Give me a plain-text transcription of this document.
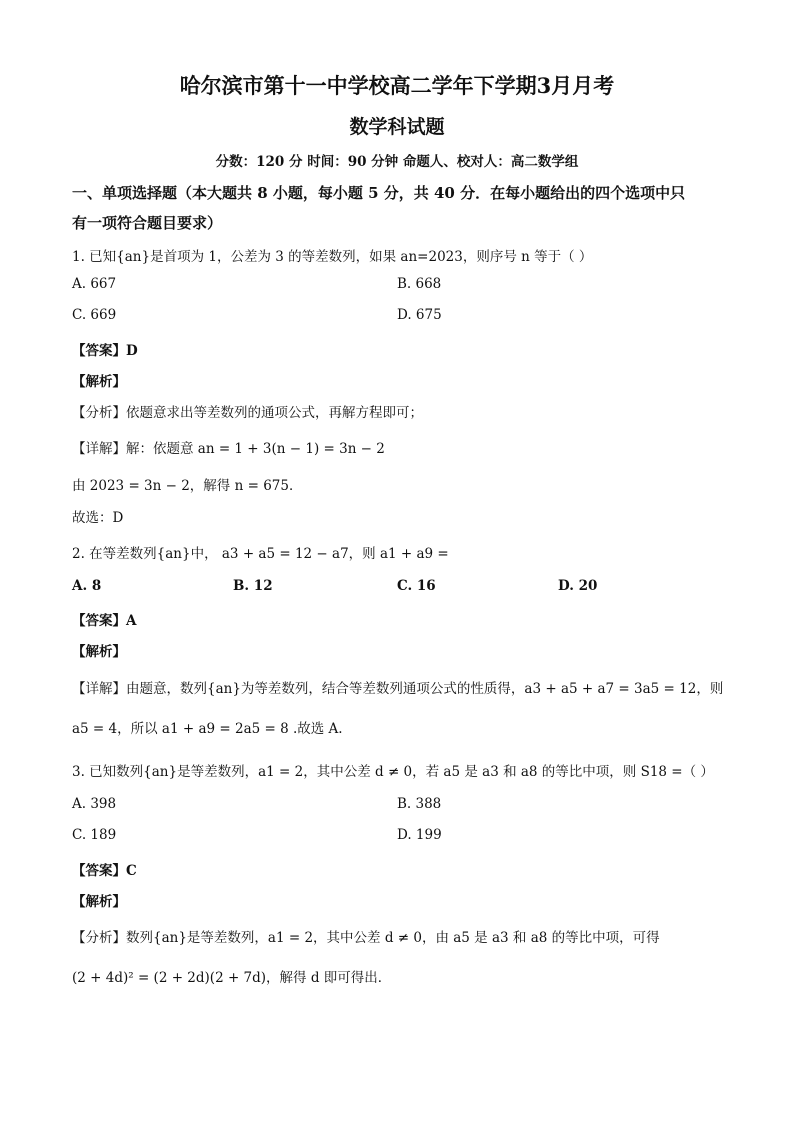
哈尔滨市第十一中学校高二学年下学期3月月考
数学科试题
分数：120 分 时间：90 分钟 命题人、校对人：高二数学组
一、单项选择题（本大题共 8 小题，每小题 5 分，共 40 分．在每小题给出的四个选项中只
有一项符合题目要求）
1. 已知{an}是首项为 1，公差为 3 的等差数列，如果 an=2023，则序号 n 等于（ ）
A. 667	B. 668
C. 669	D. 675
【答案】D
【解析】
【分析】依题意求出等差数列的通项公式，再解方程即可；
【详解】解：依题意 an = 1 + 3(n − 1) = 3n − 2
由 2023 = 3n − 2，解得 n = 675．
故选：D
2. 在等差数列{an}中， a3 + a5 = 12 − a7，则 a1 + a9 =
A. 8	B. 12	C. 16	D. 20
【答案】A
【解析】
【详解】由题意，数列{an}为等差数列，结合等差数列通项公式的性质得，a3 + a5 + a7 = 3a5 = 12，则
a5 = 4，所以 a1 + a9 = 2a5 = 8 .故选 A.
3. 已知数列{an}是等差数列，a1 = 2，其中公差 d ≠ 0，若 a5 是 a3 和 a8 的等比中项，则 S18 =（ ）
A. 398	B. 388
C. 189	D. 199
【答案】C
【解析】
【分析】数列{an}是等差数列，a1 = 2，其中公差 d ≠ 0，由 a5 是 a3 和 a8 的等比中项，可得
(2 + 4d)² = (2 + 2d)(2 + 7d)，解得 d 即可得出．
